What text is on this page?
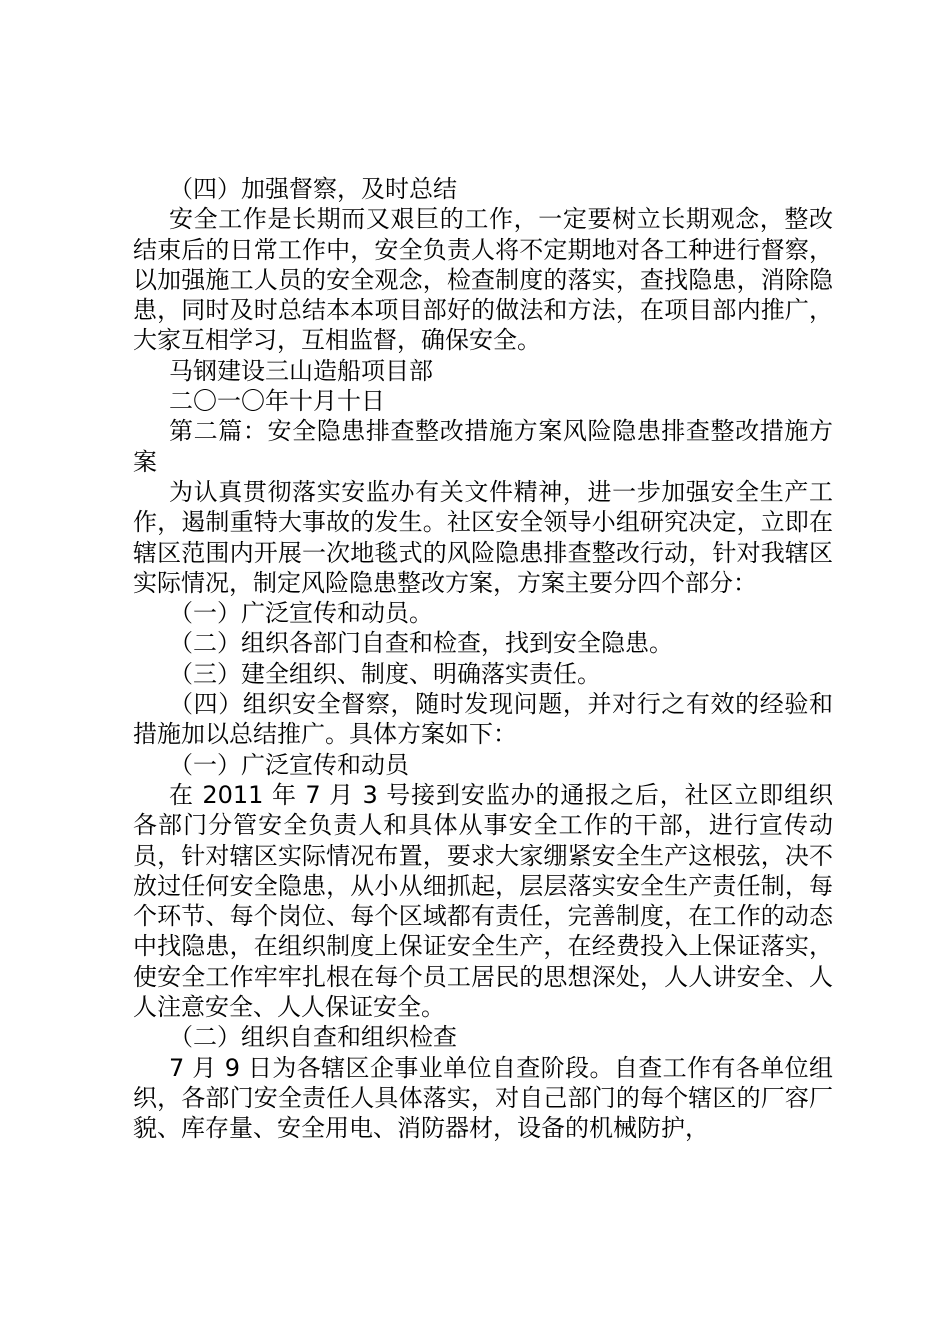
（四）加强督察，及时总结

安全工作是长期而又艰巨的工作，一定要树立长期观念，整改结束后的日常工作中，安全负责人将不定期地对各工种进行督察，以加强施工人员的安全观念，检查制度的落实，查找隐患，消除隐患，同时及时总结本本项目部好的做法和方法，在项目部内推广，大家互相学习，互相监督，确保安全。

马钢建设三山造船项目部

二〇一〇年十月十日

第二篇：安全隐患排查整改措施方案风险隐患排查整改措施方案

为认真贯彻落实安监办有关文件精神，进一步加强安全生产工作，遏制重特大事故的发生。社区安全领导小组研究决定，立即在辖区范围内开展一次地毯式的风险隐患排查整改行动，针对我辖区实际情况，制定风险隐患整改方案，方案主要分四个部分：

（一）广泛宣传和动员。

（二）组织各部门自查和检查，找到安全隐患。

（三）建全组织、制度、明确落实责任。

（四）组织安全督察，随时发现问题，并对行之有效的经验和措施加以总结推广。具体方案如下：

（一）广泛宣传和动员

在 2011 年 7 月 3 号接到安监办的通报之后，社区立即组织各部门分管安全负责人和具体从事安全工作的干部，进行宣传动员，针对辖区实际情况布置，要求大家绷紧安全生产这根弦，决不放过任何安全隐患，从小从细抓起，层层落实安全生产责任制，每个环节、每个岗位、每个区域都有责任，完善制度，在工作的动态中找隐患，在组织制度上保证安全生产，在经费投入上保证落实，使安全工作牢牢扎根在每个员工居民的思想深处，人人讲安全、人人注意安全、人人保证安全。

（二）组织自查和组织检查

7 月 9 日为各辖区企事业单位自查阶段。自查工作有各单位组织，各部门安全责任人具体落实，对自己部门的每个辖区的厂容厂貌、库存量、安全用电、消防器材，设备的机械防护，
